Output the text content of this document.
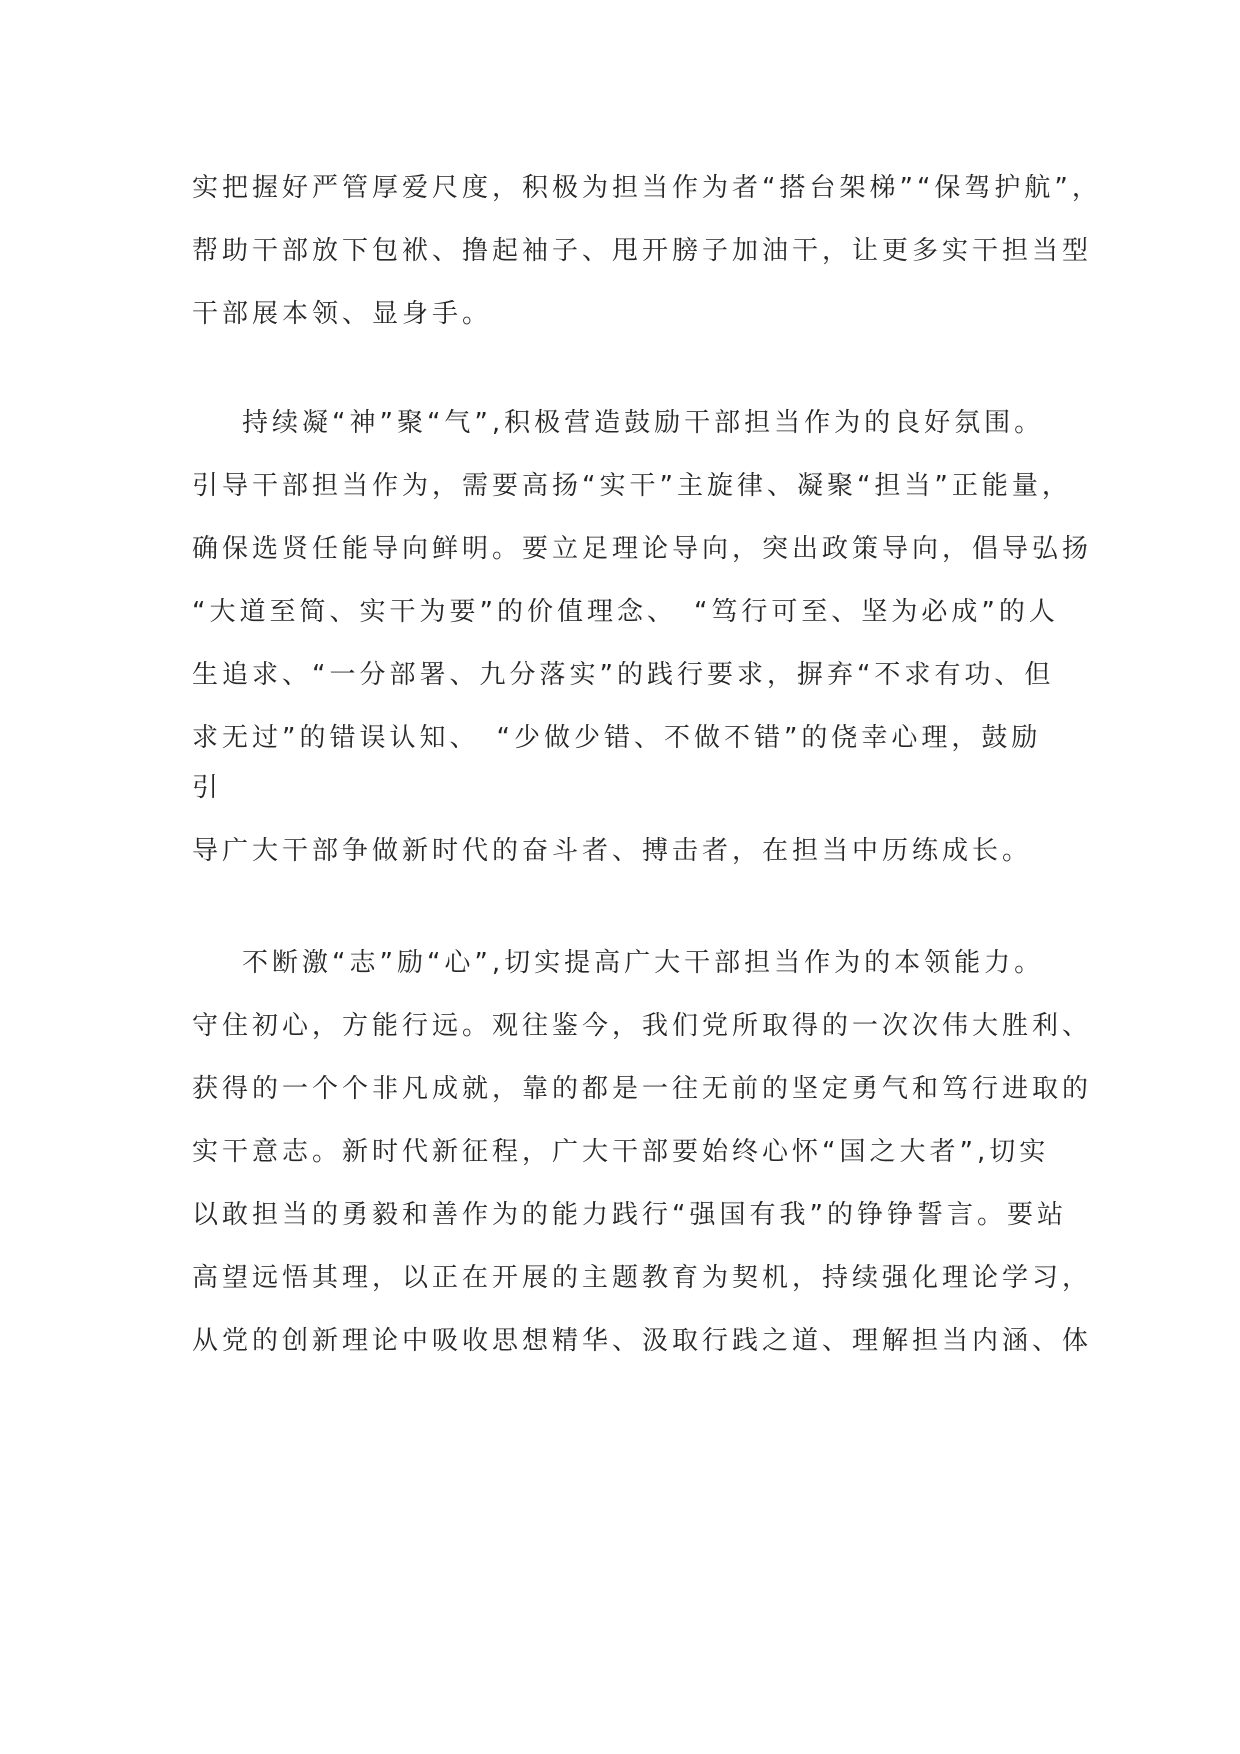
实把握好严管厚爱尺度，积极为担当作为者“搭台架梯”“保驾护航”，
帮助干部放下包袱、撸起袖子、甩开膀子加油干，让更多实干担当型
干部展本领、显身手。
持续凝“神”聚“气”,积极营造鼓励干部担当作为的良好氛围。
引导干部担当作为，需要高扬“实干”主旋律、凝聚“担当”正能量，
确保选贤任能导向鲜明。要立足理论导向，突出政策导向，倡导弘扬
“大道至简、实干为要”的价值理念、　“笃行可至、坚为必成”的人
生追求、“一分部署、九分落实”的践行要求，摒弃“不求有功、但
求无过”的错误认知、　“少做少错、不做不错”的侥幸心理，鼓励
引
导广大干部争做新时代的奋斗者、搏击者，在担当中历练成长。
不断激“志”励“心”,切实提高广大干部担当作为的本领能力。
守住初心，方能行远。观往鉴今，我们党所取得的一次次伟大胜利、
获得的一个个非凡成就，靠的都是一往无前的坚定勇气和笃行进取的
实干意志。新时代新征程，广大干部要始终心怀“国之大者”,切实
以敢担当的勇毅和善作为的能力践行“强国有我”的铮铮誓言。要站
高望远悟其理，以正在开展的主题教育为契机，持续强化理论学习，
从党的创新理论中吸收思想精华、汲取行践之道、理解担当内涵、体
